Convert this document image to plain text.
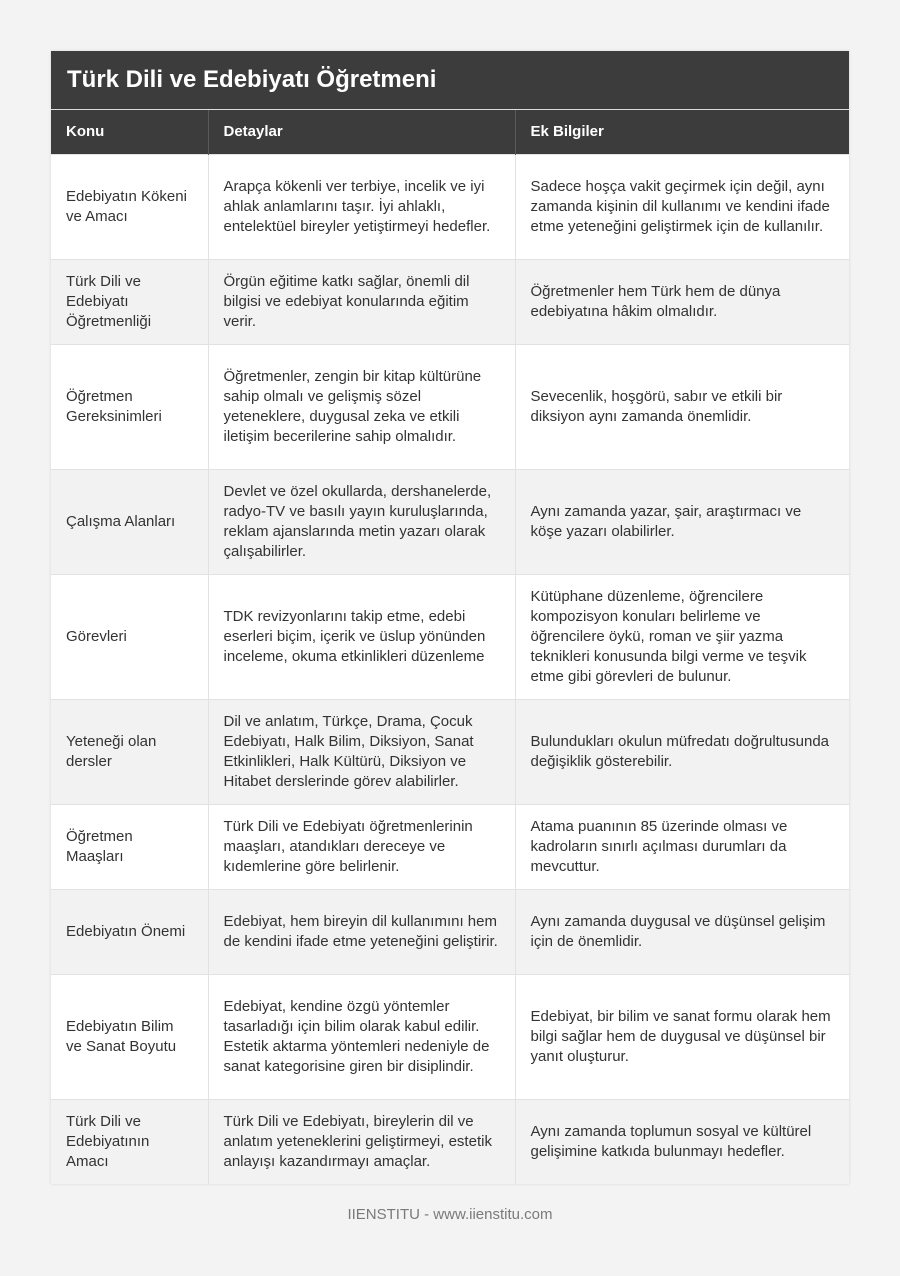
Türk Dili ve Edebiyatı Öğretmeni
Konu	Detaylar	Ek Bilgiler
Edebiyatın Kökeni ve Amacı	Arapça kökenli ver terbiye, incelik ve iyi ahlak anlamlarını taşır. İyi ahlaklı, entelektüel bireyler yetiştirmeyi hedefler.	Sadece hoşça vakit geçirmek için değil, aynı zamanda kişinin dil kullanımı ve kendini ifade etme yeteneğini geliştirmek için de kullanılır.
Türk Dili ve Edebiyatı Öğretmenliği	Örgün eğitime katkı sağlar, önemli dil bilgisi ve edebiyat konularında eğitim verir.	Öğretmenler hem Türk hem de dünya edebiyatına hâkim olmalıdır.
Öğretmen Gereksinimleri	Öğretmenler, zengin bir kitap kültürüne sahip olmalı ve gelişmiş sözel yeteneklere, duygusal zeka ve etkili iletişim becerilerine sahip olmalıdır.	Sevecenlik, hoşgörü, sabır ve etkili bir diksiyon aynı zamanda önemlidir.
Çalışma Alanları	Devlet ve özel okullarda, dershanelerde, radyo-TV ve basılı yayın kuruluşlarında, reklam ajanslarında metin yazarı olarak çalışabilirler.	Aynı zamanda yazar, şair, araştırmacı ve köşe yazarı olabilirler.
Görevleri	TDK revizyonlarını takip etme, edebi eserleri biçim, içerik ve üslup yönünden inceleme, okuma etkinlikleri düzenleme	Kütüphane düzenleme, öğrencilere kompozisyon konuları belirleme ve öğrencilere öykü, roman ve şiir yazma teknikleri konusunda bilgi verme ve teşvik etme gibi görevleri de bulunur.
Yeteneği olan dersler	Dil ve anlatım, Türkçe, Drama, Çocuk Edebiyatı, Halk Bilim, Diksiyon, Sanat Etkinlikleri, Halk Kültürü, Diksiyon ve Hitabet derslerinde görev alabilirler.	Bulundukları okulun müfredatı doğrultusunda değişiklik gösterebilir.
Öğretmen Maaşları	Türk Dili ve Edebiyatı öğretmenlerinin maaşları, atandıkları dereceye ve kıdemlerine göre belirlenir.	Atama puanının 85 üzerinde olması ve kadroların sınırlı açılması durumları da mevcuttur.
Edebiyatın Önemi	Edebiyat, hem bireyin dil kullanımını hem de kendini ifade etme yeteneğini geliştirir.	Aynı zamanda duygusal ve düşünsel gelişim için de önemlidir.
Edebiyatın Bilim ve Sanat Boyutu	Edebiyat, kendine özgü yöntemler tasarladığı için bilim olarak kabul edilir. Estetik aktarma yöntemleri nedeniyle de sanat kategorisine giren bir disiplindir.	Edebiyat, bir bilim ve sanat formu olarak hem bilgi sağlar hem de duygusal ve düşünsel bir yanıt oluşturur.
Türk Dili ve Edebiyatının Amacı	Türk Dili ve Edebiyatı, bireylerin dil ve anlatım yeteneklerini geliştirmeyi, estetik anlayışı kazandırmayı amaçlar.	Aynı zamanda toplumun sosyal ve kültürel gelişimine katkıda bulunmayı hedefler.
IIENSTITU - www.iienstitu.com
